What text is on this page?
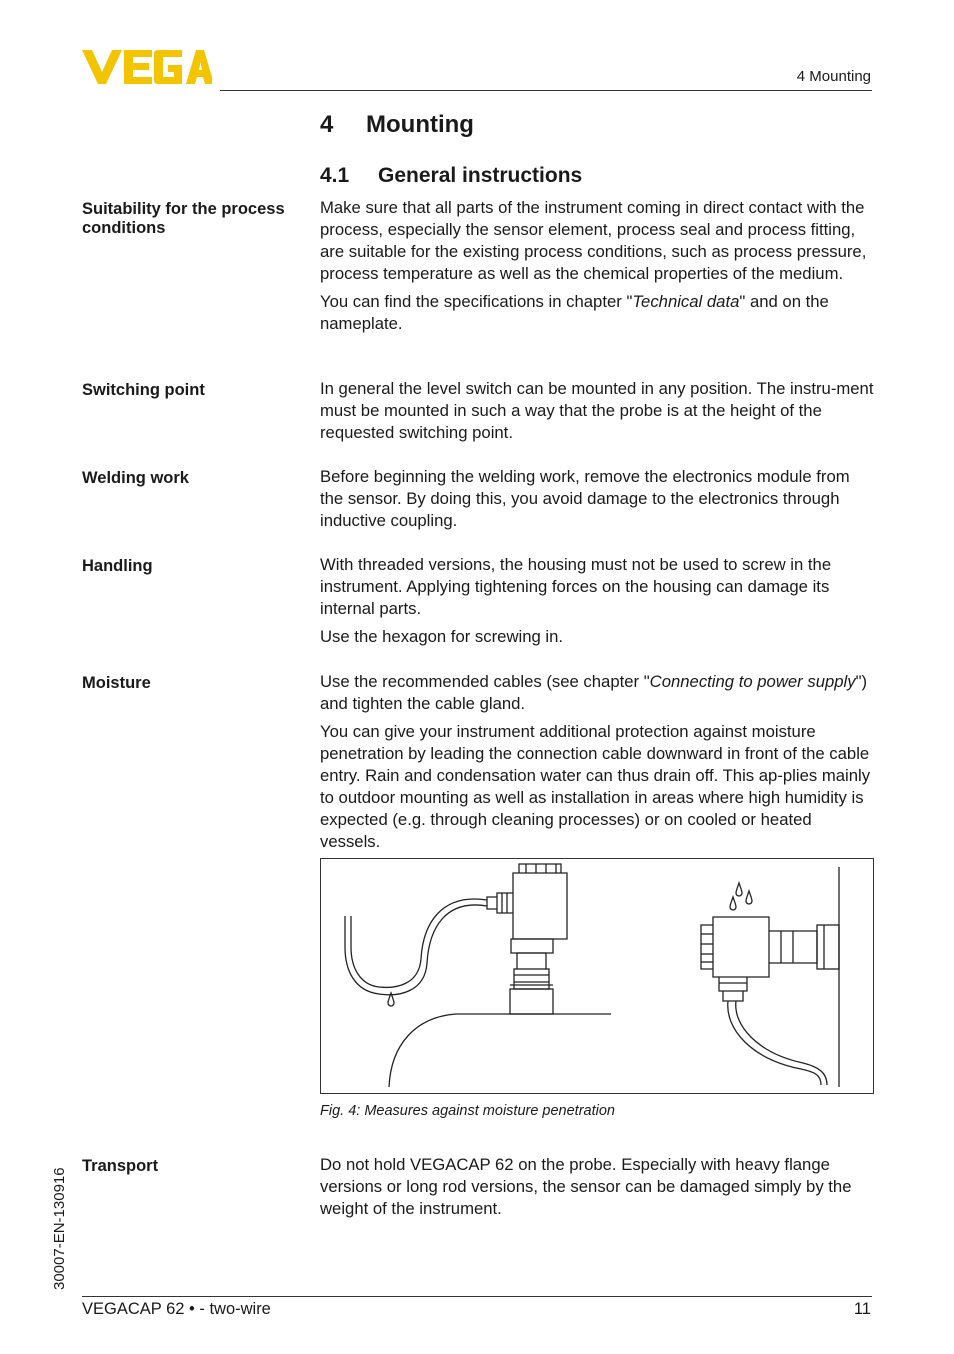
4 Mounting
4 Mounting
4.1 General instructions
Suitability for the process conditions

Make sure that all parts of the instrument coming in direct contact with the process, especially the sensor element, process seal and process fitting, are suitable for the existing process conditions, such as process pressure, process temperature as well as the chemical properties of the medium.

You can find the specifications in chapter "Technical data" and on the nameplate.

Switching point	In general the level switch can be mounted in any position. The instru-ment must be mounted in such a way that the probe is at the height of the requested switching point.

Welding work	Before beginning the welding work, remove the electronics module from the sensor. By doing this, you avoid damage to the electronics through inductive coupling.

Handling	With threaded versions, the housing must not be used to screw in the instrument. Applying tightening forces on the housing can damage its internal parts.

Use the hexagon for screwing in.

Moisture	Use the recommended cables (see chapter "Connecting to power supply") and tighten the cable gland.

You can give your instrument additional protection against moisture penetration by leading the connection cable downward in front of the cable entry. Rain and condensation water can thus drain off. This ap-plies mainly to outdoor mounting as well as installation in areas where high humidity is expected (e.g. through cleaning processes) or on cooled or heated vessels.

Fig. 4: Measures against moisture penetration
Transport	Do not hold VEGACAP 62 on the probe. Especially with heavy flange versions or long rod versions, the sensor can be damaged simply by the weight of the instrument.

30007-EN-130916
VEGACAP 62 • - two-wire	11
